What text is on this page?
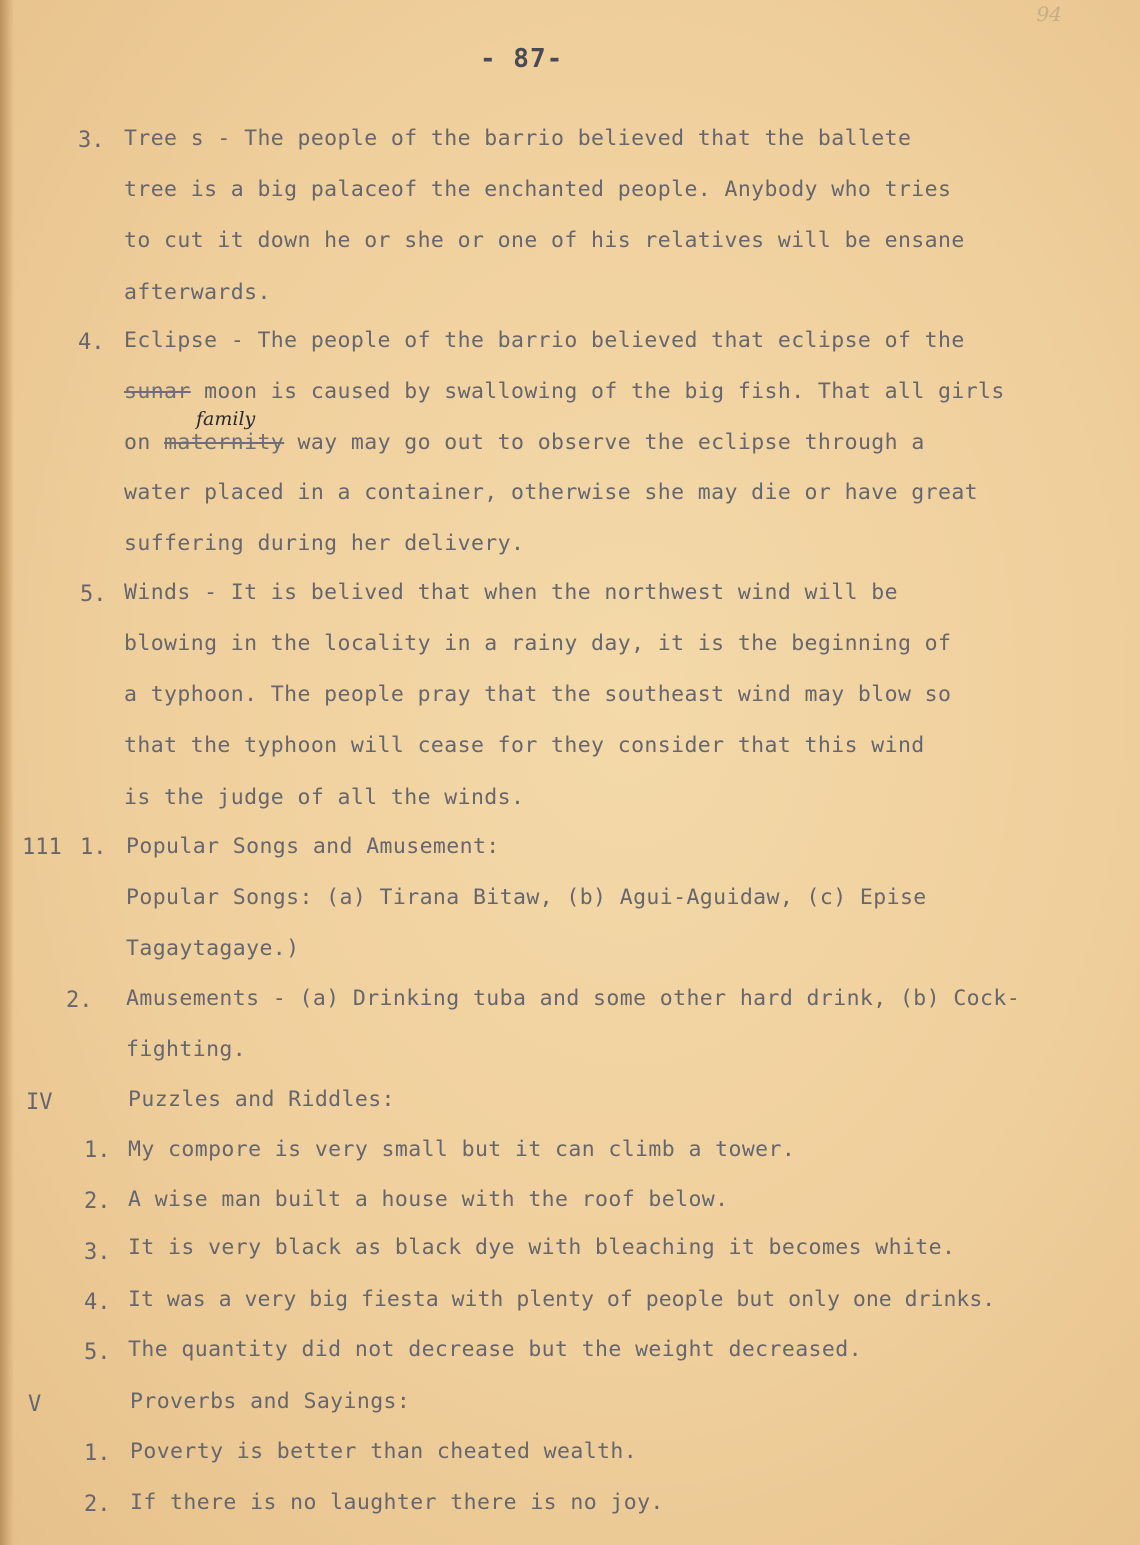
94
- 87-
3. Tree s - The people of the barrio believed that the ballete
tree is a big palaceof the enchanted people. Anybody who tries
to cut it down he or she or one of his relatives will be ensane
afterwards.
4. Eclipse - The people of the barrio believed that eclipse of the
sunar moon is caused by swallowing of the big fish. That all girls
family
on maternity way may go out to observe the eclipse through a
water placed in a container, otherwise she may die or have great
suffering during her delivery.
5. Winds - It is belived that when the northwest wind will be
blowing in the locality in a rainy day, it is the beginning of
a typhoon. The people pray that the southeast wind may blow so
that the typhoon will cease for they consider that this wind
is the judge of all the winds.
111 1. Popular Songs and Amusement:
Popular Songs: (a) Tirana Bitaw, (b) Agui-Aguidaw, (c) Epise
Tagaytagaye.)
2. Amusements - (a) Drinking tuba and some other hard drink, (b) Cock-
fighting.
IV	Puzzles and Riddles:
1. My compore is very small but it can climb a tower.
2. A wise man built a house with the roof below.
3. It is very black as black dye with bleaching it becomes white.
4. It was a very big fiesta with plenty of people but only one drinks.
5. The quantity did not decrease but the weight decreased.
V	Proverbs and Sayings:
1. Poverty is better than cheated wealth.
2. If there is no laughter there is no joy.
